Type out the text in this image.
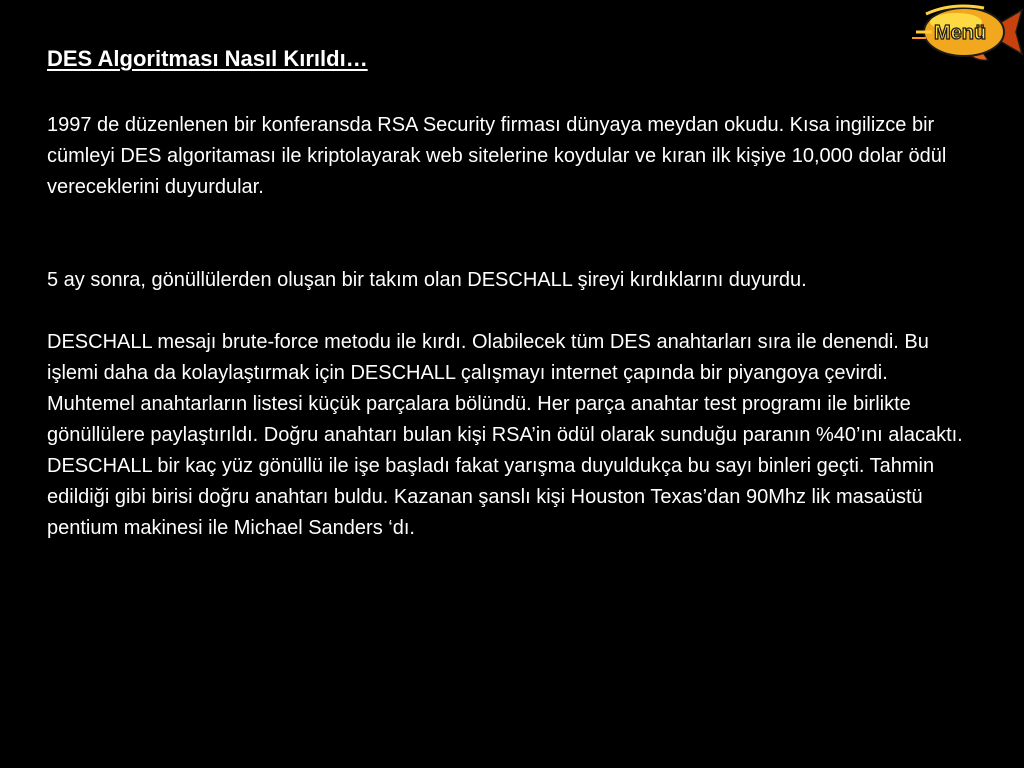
Menü
DES Algoritması Nasıl Kırıldı…

1997 de düzenlenen bir konferansda RSA Security firması dünyaya meydan okudu. Kısa ingilizce bir cümleyi DES algoritaması ile kriptolayarak web sitelerine koydular ve kıran ilk kişiye 10,000 dolar ödül vereceklerini duyurdular.

5 ay sonra, gönüllülerden oluşan bir takım olan DESCHALL şireyi kırdıklarını duyurdu.

DESCHALL mesajı brute-force metodu ile kırdı. Olabilecek tüm DES anahtarları sıra ile denendi. Bu işlemi daha da kolaylaştırmak için DESCHALL çalışmayı internet çapında bir piyangoya çevirdi. Muhtemel anahtarların listesi küçük parçalara bölündü. Her parça anahtar test programı ile birlikte gönüllülere paylaştırıldı. Doğru anahtarı bulan kişi RSA’in ödül olarak sunduğu paranın %40’ını alacaktı. DESCHALL bir kaç yüz gönüllü ile işe başladı fakat yarışma duyuldukça bu sayı binleri geçti. Tahmin edildiği gibi birisi doğru anahtarı buldu. Kazanan şanslı kişi Houston Texas’dan 90Mhz lik masaüstü pentium makinesi ile Michael Sanders ‘dı.
